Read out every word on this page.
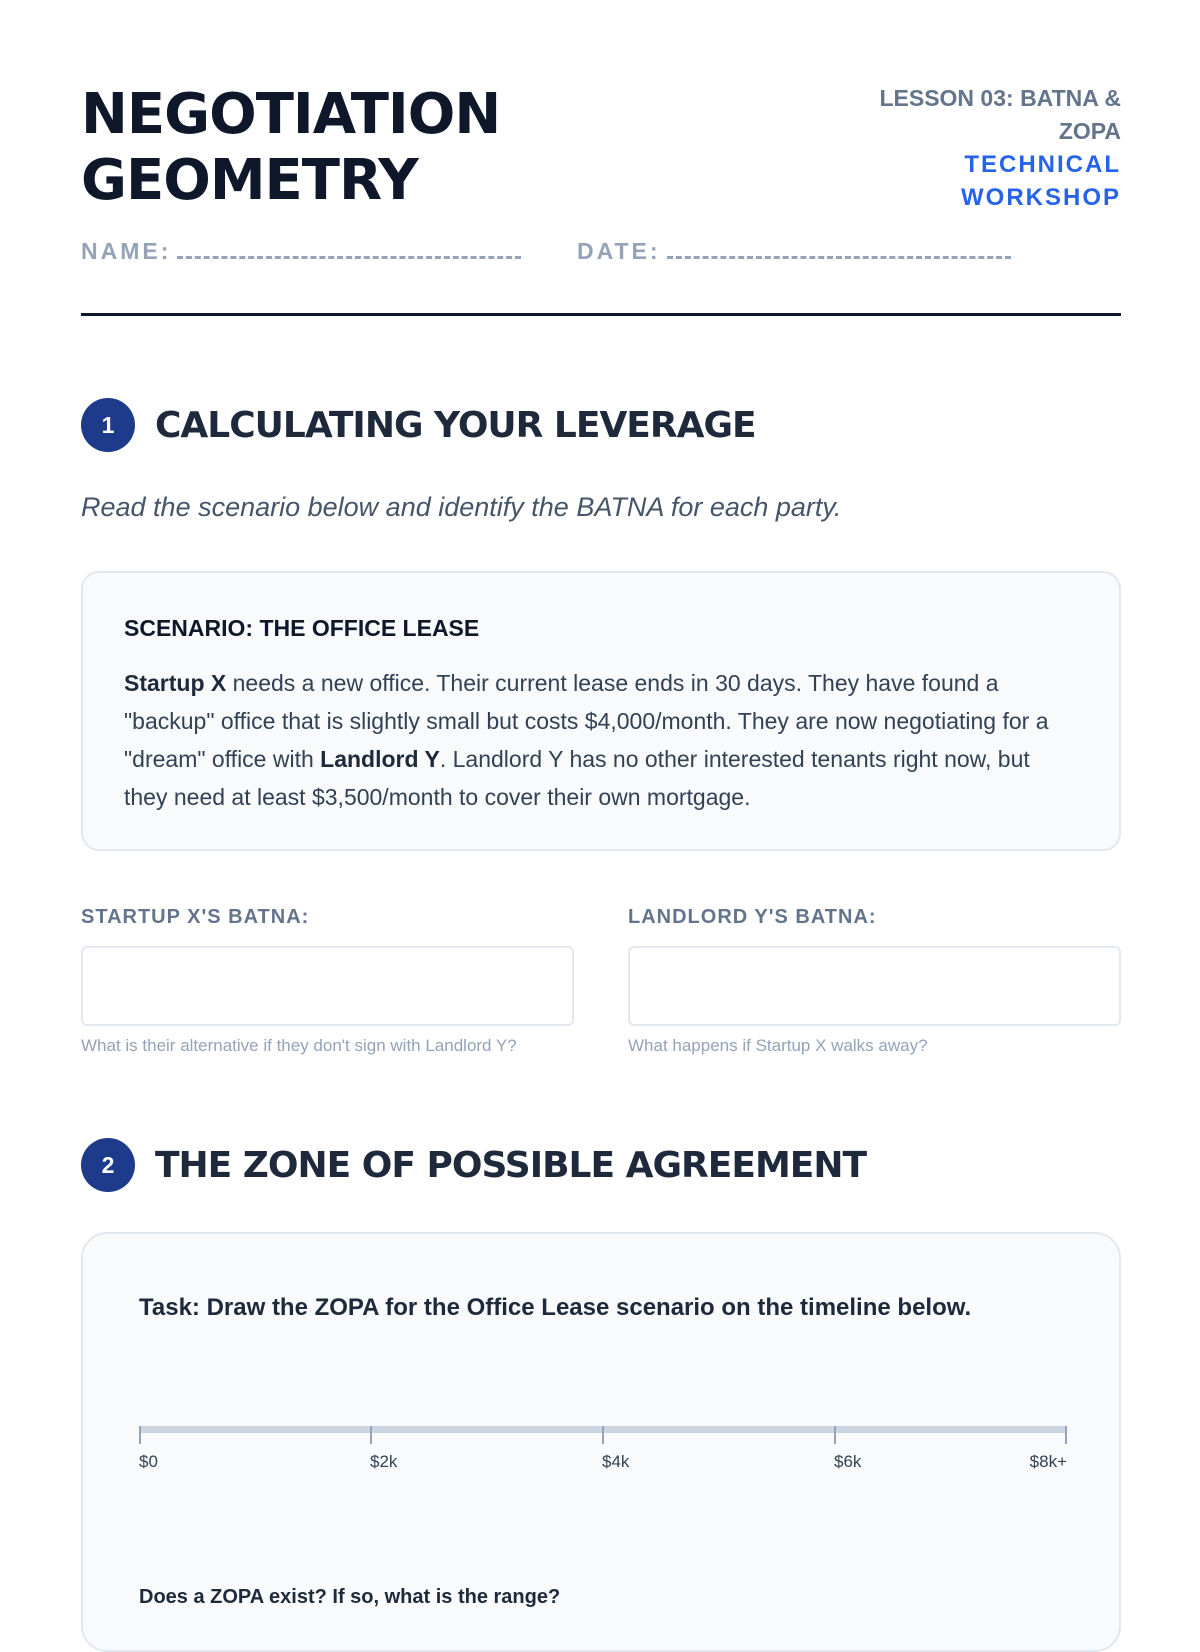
NEGOTIATION
GEOMETRY
LESSON 03: BATNA &
ZOPA
TECHNICAL
WORKSHOP
NAME:	DATE:
1	CALCULATING YOUR LEVERAGE
Read the scenario below and identify the BATNA for each party.
SCENARIO: THE OFFICE LEASE

Startup X needs a new office. Their current lease ends in 30 days. They have found a "backup" office that is slightly small but costs $4,000/month. They are now negotiating for a "dream" office with Landlord Y. Landlord Y has no other interested tenants right now, but they need at least $3,500/month to cover their own mortgage.

STARTUP X'S BATNA:
What is their alternative if they don't sign with Landlord Y?
LANDLORD Y'S BATNA:
What happens if Startup X walks away?
2	THE ZONE OF POSSIBLE AGREEMENT
Task: Draw the ZOPA for the Office Lease scenario on the timeline below.
$0	$2k	$4k	$6k	$8k+
Does a ZOPA exist? If so, what is the range?
